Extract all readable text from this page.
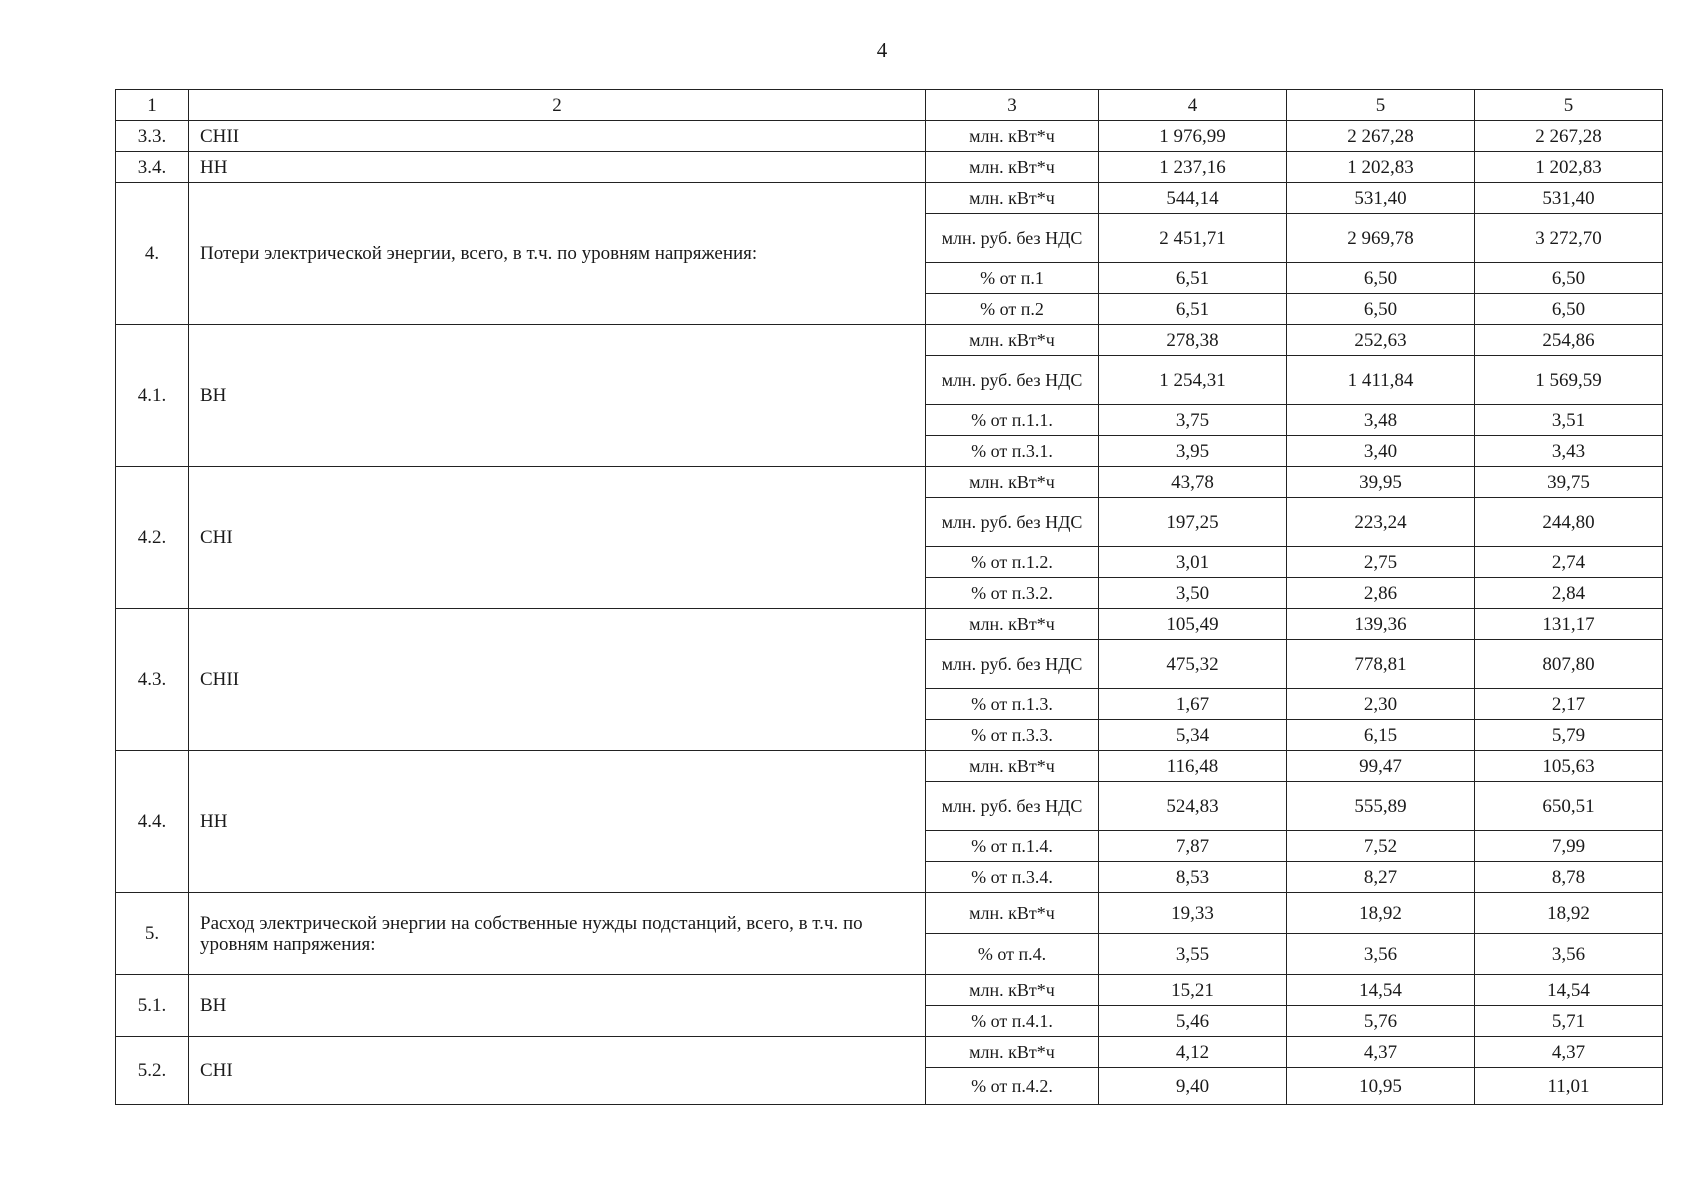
4
1	2	3	4	5	5
3.3.	СНII	млн. кВт*ч	1 976,99	2 267,28	2 267,28
3.4.	НН	млн. кВт*ч	1 237,16	1 202,83	1 202,83
4.	Потери электрической энергии, всего, в т.ч. по уровням напряжения:	млн. кВт*ч	544,14	531,40	531,40
		млн. руб. без НДС	2 451,71	2 969,78	3 272,70
		% от п.1	6,51	6,50	6,50
		% от п.2	6,51	6,50	6,50
4.1.	ВН	млн. кВт*ч	278,38	252,63	254,86
		млн. руб. без НДС	1 254,31	1 411,84	1 569,59
		% от п.1.1.	3,75	3,48	3,51
		% от п.3.1.	3,95	3,40	3,43
4.2.	СНI	млн. кВт*ч	43,78	39,95	39,75
		млн. руб. без НДС	197,25	223,24	244,80
		% от п.1.2.	3,01	2,75	2,74
		% от п.3.2.	3,50	2,86	2,84
4.3.	СНII	млн. кВт*ч	105,49	139,36	131,17
		млн. руб. без НДС	475,32	778,81	807,80
		% от п.1.3.	1,67	2,30	2,17
		% от п.3.3.	5,34	6,15	5,79
4.4.	НН	млн. кВт*ч	116,48	99,47	105,63
		млн. руб. без НДС	524,83	555,89	650,51
		% от п.1.4.	7,87	7,52	7,99
		% от п.3.4.	8,53	8,27	8,78
5.	Расход электрической энергии на собственные нужды подстанций, всего, в т.ч. по уровням напряжения:	млн. кВт*ч	19,33	18,92	18,92
		% от п.4.	3,55	3,56	3,56
5.1.	ВН	млн. кВт*ч	15,21	14,54	14,54
		% от п.4.1.	5,46	5,76	5,71
5.2.	СНI	млн. кВт*ч	4,12	4,37	4,37
		% от п.4.2.	9,40	10,95	11,01
